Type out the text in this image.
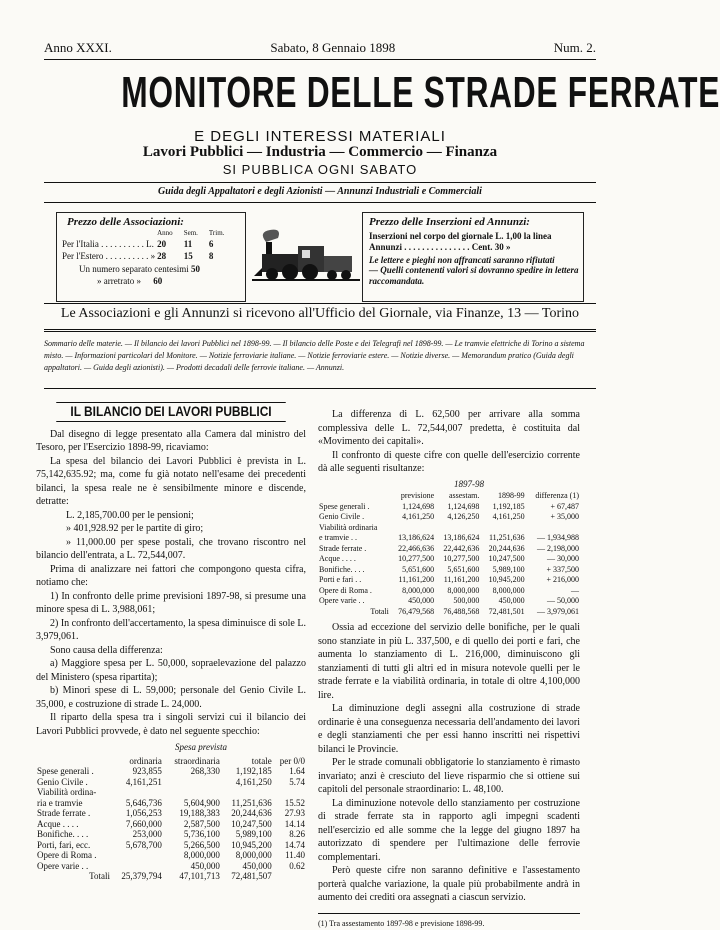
Anno XXXI.	Sabato, 8 Gennaio 1898	Num. 2.
MONITORE DELLE STRADE FERRATE
E DEGLI INTERESSI MATERIALI
Lavori Pubblici — Industria — Commercio — Finanza
SI PUBBLICA OGNI SABATO
Guida degli Appaltatori e degli Azionisti — Annunzi Industriali e Commerciali
Prezzo delle Associazioni:
	Anno	Sem.	Trim.
Per l'Italia . . . . . . . . . . L.	20	11	6
Per l'Estero . . . . . . . . . . »	28	15	8
Un numero separato centesimi 50
» arretrato » 60
Prezzo delle Inserzioni ed Annunzi:
Inserzioni nel corpo del giornale L. 1,00 la linea
Annunzi . . . . . . . . . . . . . . . Cent. 30 »
Le lettere e pieghi non affrancati saranno rifiutati
— Quelli contenenti valori si dovranno spedire in lettera raccomandata.
Le Associazioni e gli Annunzi si ricevono all'Ufficio del Giornale, via Finanze, 13 — Torino
Sommario delle materie. — Il bilancio dei lavori Pubblici nel 1898-99. — Il bilancio delle Poste e dei Telegrafi nel 1898-99. — Le tramvie elettriche di Torino a sistema misto. — Informazioni particolari del Monitore. — Notizie ferroviarie italiane. — Notizie ferroviarie estere. — Notizie diverse. — Memorandum pratico (Guida degli appaltatori. — Guida degli azionisti). — Prodotti decadali delle ferrovie italiane. — Annunzi.
IL BILANCIO DEI LAVORI PUBBLICI

Dal disegno di legge presentato alla Camera dal ministro del Tesoro, per l'Esercizio 1898-99, ricaviamo:

La spesa del bilancio dei Lavori Pubblici è prevista in L. 75,142,635.92; ma, come fu già notato nell'esame dei precedenti bilanci, la spesa reale ne è sensibilmente minore e discende, detratte:

L. 2,185,700.00 per le pensioni;

» 401,928.92 per le partite di giro;

» 11,000.00 per spese postali, che trovano riscontro nel bilancio dell'entrata, a L. 72,544,007.

Prima di analizzare nei fattori che compongono questa cifra, notiamo che:

1) In confronto delle prime previsioni 1897-98, si presume una minore spesa di L. 3,988,061;

2) In confronto dell'accertamento, la spesa diminuisce di sole L. 3,979,061.

Sono causa della differenza:

a) Maggiore spesa per L. 50,000, sopraelevazione del palazzo del Ministero (spesa ripartita);

b) Minori spese di L. 59,000; personale del Genio Civile L. 35,000, e costruzione di strade L. 24,000.

Il riparto della spesa tra i singoli servizi cui il bilancio dei Lavori Pubblici provvede, è dato nel seguente specchio:

Spesa prevista
	ordinaria	straordinaria	totale	per 0/0
Spese generali .	923,855	268,330	1,192,185	1.64
Genio Civile .	4,161,251		4,161,250	5.74
Viabilità ordina-				
ria e tramvie	5,646,736	5,604,900	11,251,636	15.52
Strade ferrate .	1,056,253	19,188,383	20,244,636	27.93
Acque . . . .	7,660,000	2,587,500	10,247,500	14.14
Bonifiche. . . .	253,000	5,736,100	5,989,100	8.26
Porti, fari, ecc.	5,678,700	5,266,500	10,945,200	14.74
Opere di Roma .		8,000,000	8,000,000	11.40
Opere varie . .		450,000	450,000	0.62
Totali	25,379,794	47,101,713	72,481,507	

La differenza di L. 62,500 per arrivare alla somma complessiva delle L. 72,544,007 predetta, è costituita dal «Movimento dei capitali».

Il confronto di queste cifre con quelle dell'esercizio corrente dà alle seguenti risultanze:

1897-98
	previsione	assestam.	1898-99	differenza (1)
Spese generali .	1,124,698	1,124,698	1,192,185	+ 67,487
Genio Civile .	4,161,250	4,126,250	4,161,250	+ 35,000
Viabilità ordinaria				
e tramvie . .	13,186,624	13,186,624	11,251,636	— 1,934,988
Strade ferrate .	22,466,636	22,442,636	20,244,636	— 2,198,000
Acque . . . .	10,277,500	10,277,500	10,247,500	— 30,000
Bonifiche. . . .	5,651,600	5,651,600	5,989,100	+ 337,500
Porti e fari . .	11,161,200	11,161,200	10,945,200	+ 216,000
Opere di Roma .	8,000,000	8,000,000	8,000,000	—
Opere varie . .	450,000	500,000	450,000	— 50,000
Totali	76,479,568	76,488,568	72,481,501	— 3,979,061

Ossia ad eccezione del servizio delle bonifiche, per le quali sono stanziate in più L. 337,500, e di quello dei porti e fari, che aumenta lo stanziamento di L. 216,000, diminuiscono gli stanziamenti di tutti gli altri ed in misura notevole quelli per le strade ferrate e la viabilità ordinaria, in totale di oltre 4,100,000 lire.

La diminuzione degli assegni alla costruzione di strade ordinarie è una conseguenza necessaria dell'andamento dei lavori e degli stanziamenti che per essi hanno inscritti nei rispettivi bilanci le Provincie.

Per le strade comunali obbligatorie lo stanziamento è rimasto invariato; anzi è cresciuto del lieve risparmio che si ottiene sui capitoli del personale straordinario: L. 48,100.

La diminuzione notevole dello stanziamento per costruzione di strade ferrate sta in rapporto agli impegni scadenti nell'esercizio ed alle somme che la legge del giugno 1897 ha autorizzato di spendere per l'ultimazione delle ferrovie complementari.

Però queste cifre non saranno definitive e l'assestamento porterà qualche variazione, la quale più probabilmente andrà in aumento dei crediti ora assegnati a ciascun servizio.

(1) Tra assestamento 1897-98 e previsione 1898-99.
